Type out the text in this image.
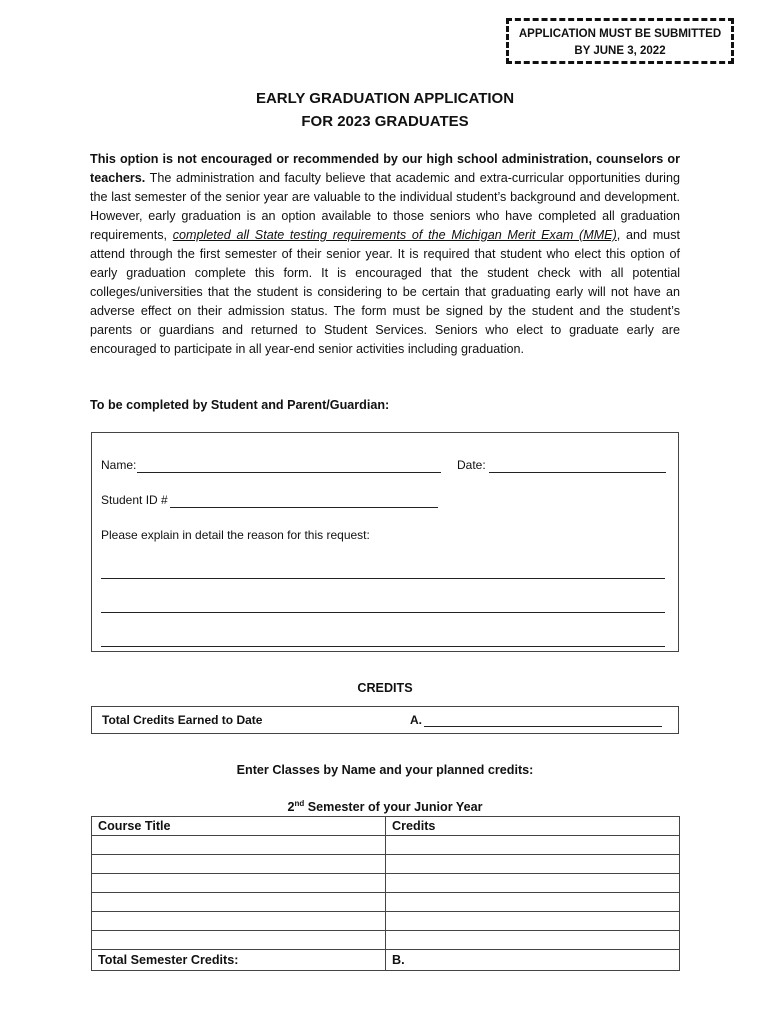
APPLICATION MUST BE SUBMITTED
BY JUNE 3, 2022
EARLY GRADUATION APPLICATION
FOR 2023 GRADUATES
This option is not encouraged or recommended by our high school administration, counselors or teachers. The administration and faculty believe that academic and extra-curricular opportunities during the last semester of the senior year are valuable to the individual student’s background and development. However, early graduation is an option available to those seniors who have completed all graduation requirements, completed all State testing requirements of the Michigan Merit Exam (MME), and must attend through the first semester of their senior year. It is required that student who elect this option of early graduation complete this form. It is encouraged that the student check with all potential colleges/universities that the student is considering to be certain that graduating early will not have an adverse effect on their admission status. The form must be signed by the student and the student’s parents or guardians and returned to Student Services. Seniors who elect to graduate early are encouraged to participate in all year-end senior activities including graduation.
To be completed by Student and Parent/Guardian:
Name:	Date:
Student ID #
Please explain in detail the reason for this request:
CREDITS
Total Credits Earned to Date	A.
Enter Classes by Name and your planned credits:
2nd Semester of your Junior Year
Course Title	Credits

Total Semester Credits:	B.
